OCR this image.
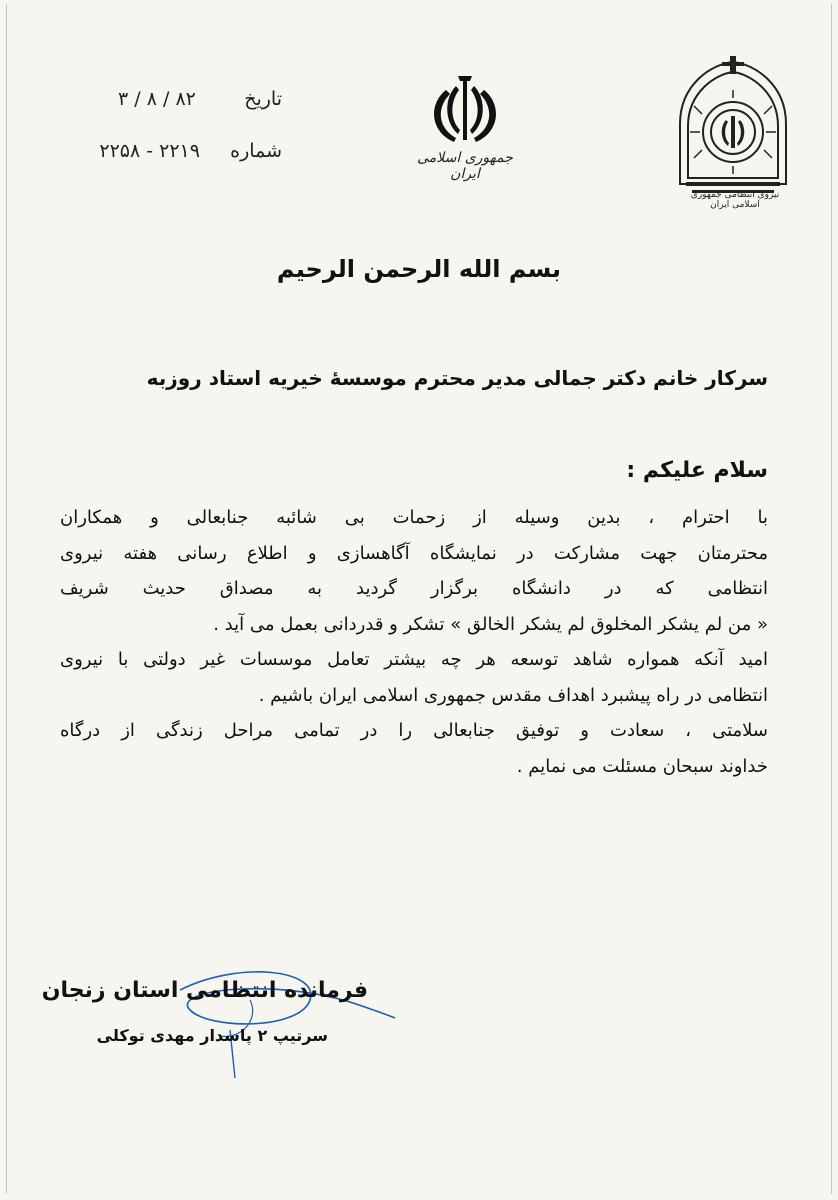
تاریخ        ۸۲ / ۸ / ۳
شماره     ۲۲۱۹ - ۲۲۵۸	جمهوری اسلامی ایران
نیروی انتظامی جمهوری اسلامی ایران
بسم الله الرحمن الرحیم
سرکار خانم دکتر جمالی مدیر محترم موسسهٔ خیریه استاد روزبه
سلام علیکم :
با احترام ، بدین وسیله از زحمات بی شائبه جنابعالی و همکاران
محترمتان جهت مشارکت در نمایشگاه آگاهسازی و اطلاع رسانی هفته نیروی
انتظامی که در دانشگاه برگزار گردید به مصداق حدیث شریف
« من لم یشکر المخلوق لم یشکر الخالق » تشکر و قدردانی بعمل می آید .
امید آنکه همواره شاهد توسعه هر چه بیشتر تعامل موسسات غیر دولتی با نیروی
انتظامی در راه پیشبرد اهداف مقدس جمهوری اسلامی ایران باشیم .
سلامتی ، سعادت و توفیق جنابعالی را در تمامی مراحل زندگی از درگاه
خداوند سبحان مسئلت می نمایم .
فرمانده انتظامی استان زنجان
سرتیپ ۲ پاسدار مهدی توکلی
